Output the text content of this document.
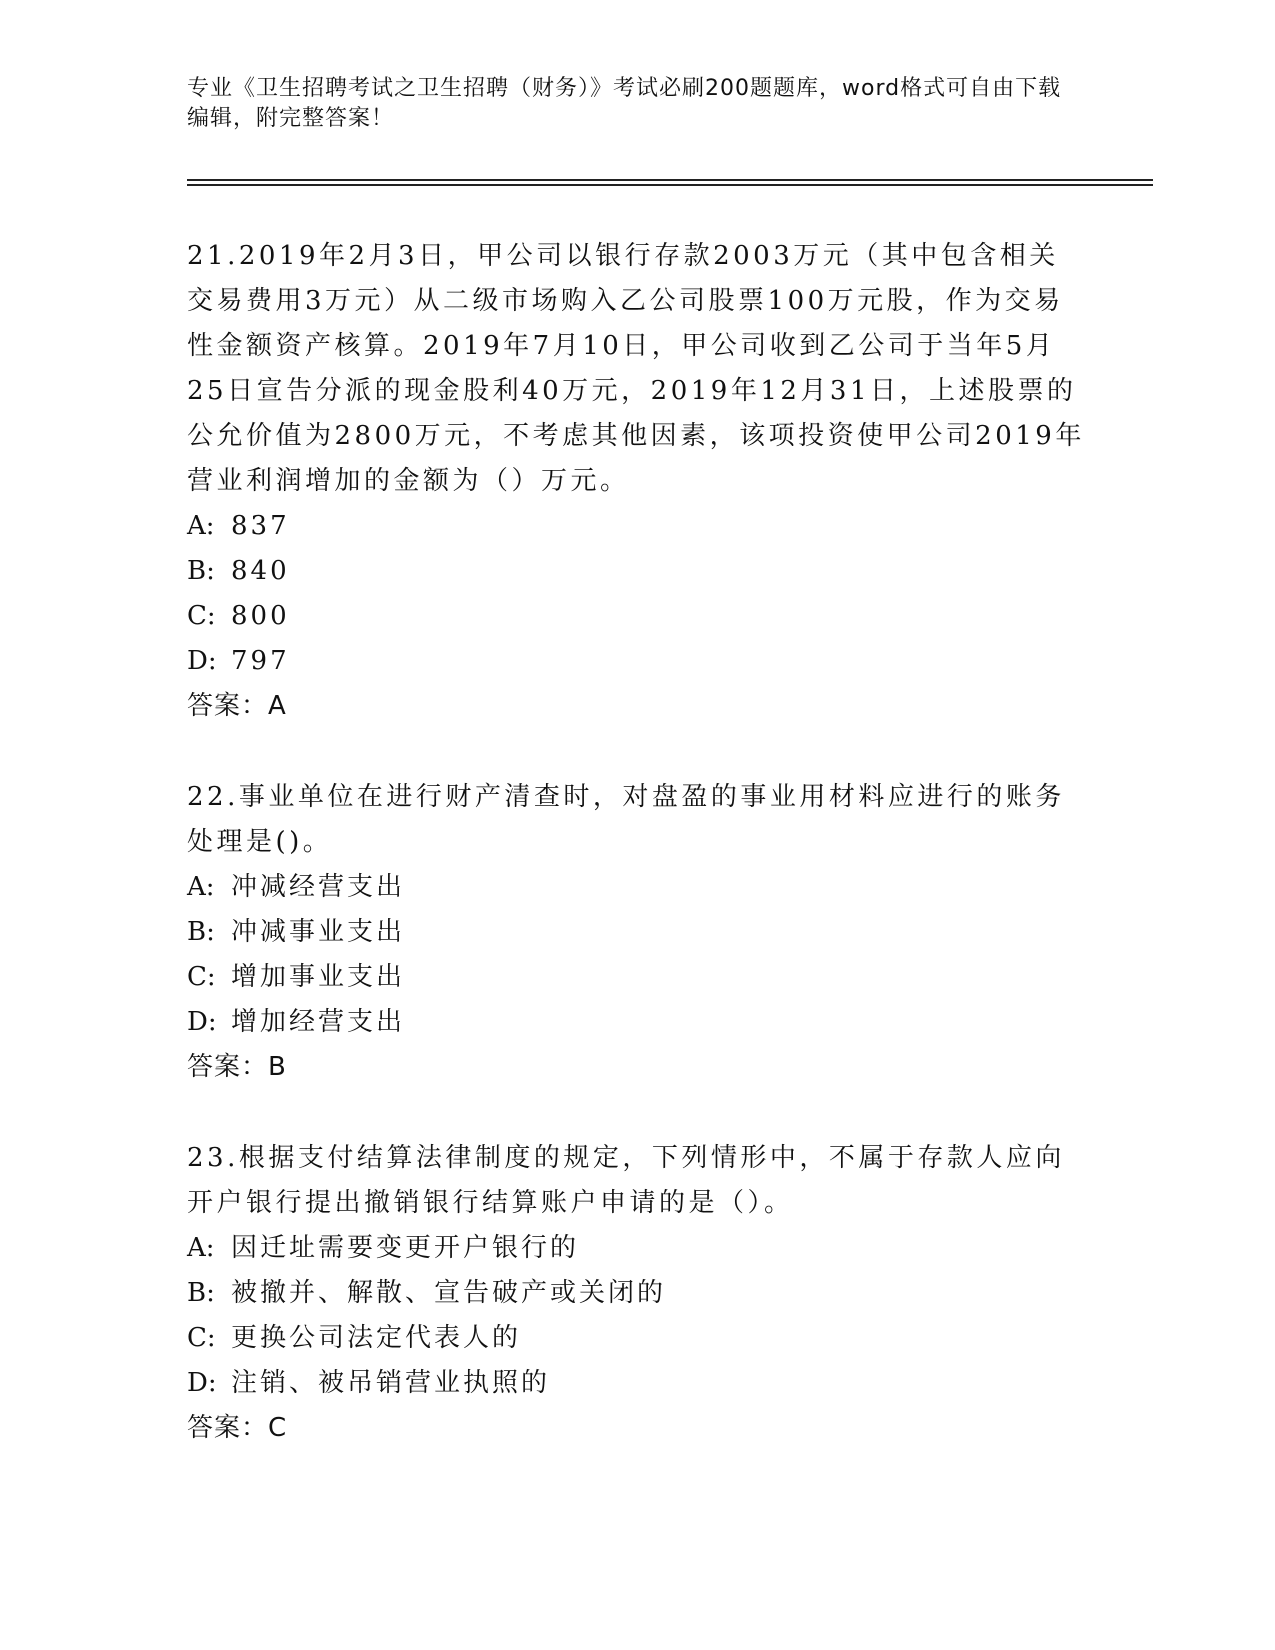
专业《卫生招聘考试之卫生招聘（财务）》考试必刷200题题库，word格式可自由下载编辑，附完整答案！

21.2019年2月3日，甲公司以银行存款2003万元（其中包含相关交易费用3万元）从二级市场购入乙公司股票100万元股，作为交易性金额资产核算。2019年7月10日，甲公司收到乙公司于当年5月25日宣告分派的现金股利40万元，2019年12月31日，上述股票的公允价值为2800万元，不考虑其他因素，该项投资使甲公司2019年营业利润增加的金额为（）万元。

A: 837

B: 840

C: 800

D: 797

答案：A

22.事业单位在进行财产清查时，对盘盈的事业用材料应进行的账务处理是()。

A: 冲减经营支出

B: 冲减事业支出

C: 增加事业支出

D: 增加经营支出

答案：B

23.根据支付结算法律制度的规定，下列情形中，不属于存款人应向开户银行提出撤销银行结算账户申请的是（）。

A: 因迁址需要变更开户银行的

B: 被撤并、解散、宣告破产或关闭的

C: 更换公司法定代表人的

D: 注销、被吊销营业执照的

答案：C
